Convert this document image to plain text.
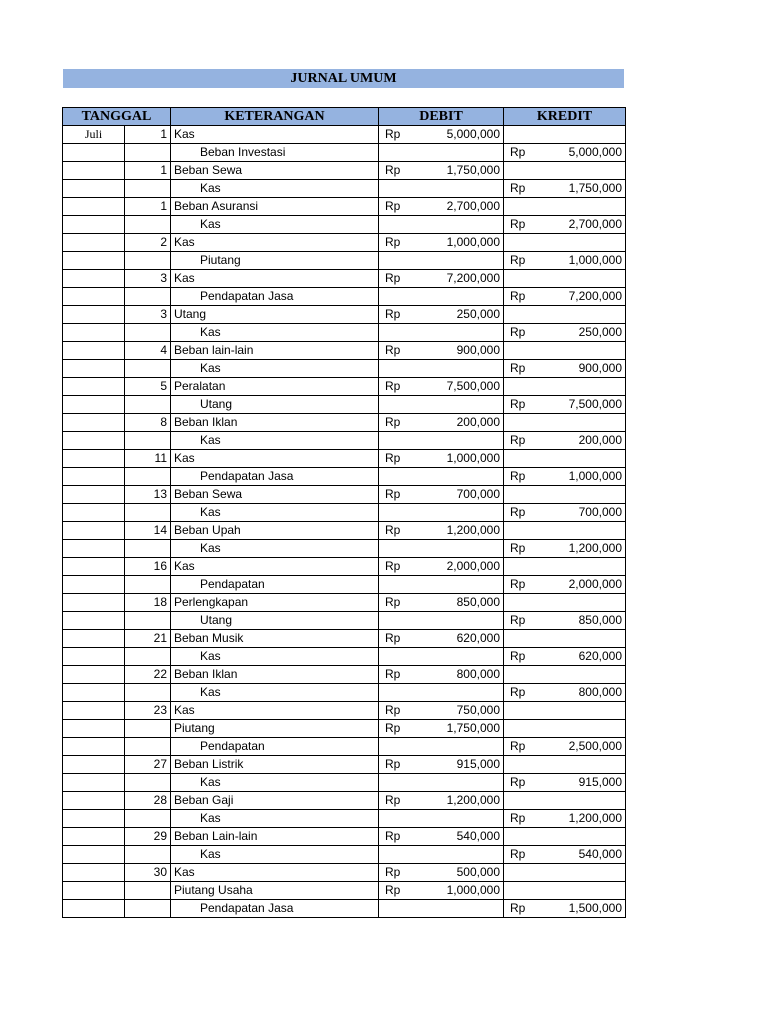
JURNAL UMUM
TANGGAL		KETERANGAN	DEBIT	KREDIT
Juli	1	Kas	Rp 5,000,000	

		Beban Investasi		Rp 5,000,000

	1	Beban Sewa	Rp 1,750,000	

		Kas		Rp 1,750,000

	1	Beban Asuransi	Rp 2,700,000	

		Kas		Rp 2,700,000

	2	Kas	Rp 1,000,000	

		Piutang		Rp 1,000,000

	3	Kas	Rp 7,200,000	

		Pendapatan Jasa		Rp 7,200,000

	3	Utang	Rp 250,000	

		Kas		Rp 250,000

	4	Beban lain-lain	Rp 900,000	

		Kas		Rp 900,000

	5	Peralatan	Rp 7,500,000	

		Utang		Rp 7,500,000

	8	Beban Iklan	Rp 200,000	

		Kas		Rp 200,000

	11	Kas	Rp 1,000,000	

		Pendapatan Jasa		Rp 1,000,000

	13	Beban Sewa	Rp 700,000	

		Kas		Rp 700,000

	14	Beban Upah	Rp 1,200,000	

		Kas		Rp 1,200,000

	16	Kas	Rp 2,000,000	

		Pendapatan		Rp 2,000,000

	18	Perlengkapan	Rp 850,000	

		Utang		Rp 850,000

	21	Beban Musik	Rp 620,000	

		Kas		Rp 620,000

	22	Beban Iklan	Rp 800,000	

		Kas		Rp 800,000

	23	Kas	Rp 750,000	

		Piutang	Rp 1,750,000	

		Pendapatan		Rp 2,500,000

	27	Beban Listrik	Rp 915,000	

		Kas		Rp 915,000

	28	Beban Gaji	Rp 1,200,000	

		Kas		Rp 1,200,000

	29	Beban Lain-lain	Rp 540,000	

		Kas		Rp 540,000

	30	Kas	Rp 500,000	

		Piutang Usaha	Rp 1,000,000	

		Pendapatan Jasa		Rp 1,500,000
